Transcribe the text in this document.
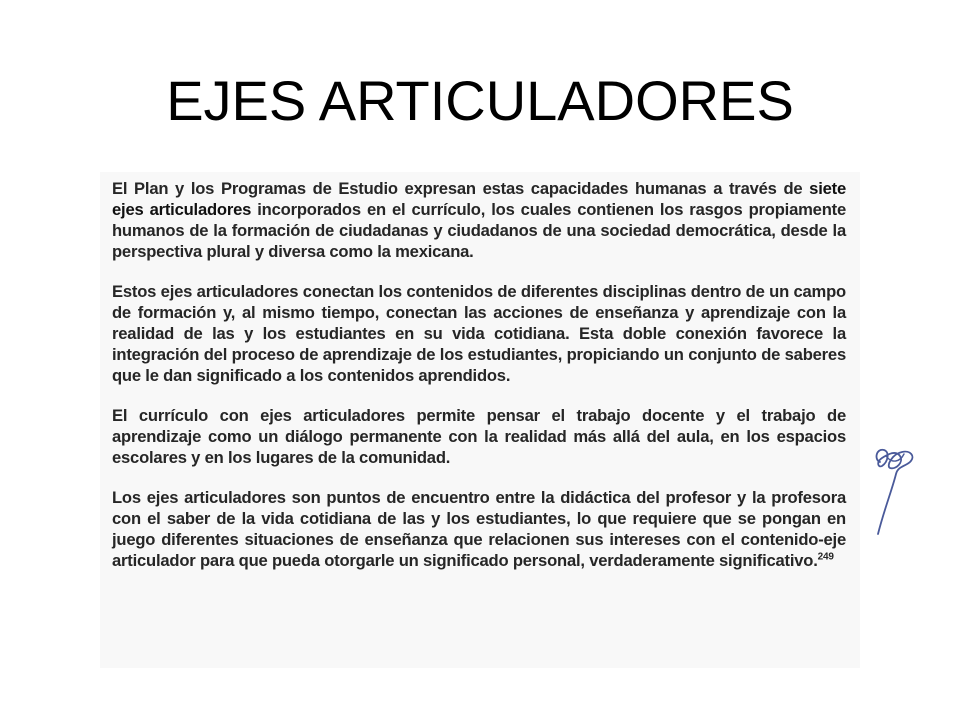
EJES ARTICULADORES

El Plan y los Programas de Estudio expresan estas capacidades humanas a través de siete ejes articuladores incorporados en el currículo, los cuales contienen los rasgos propiamente humanos de la formación de ciudadanas y ciudadanos de una sociedad democrática, desde la perspectiva plural y diversa como la mexicana.

Estos ejes articuladores conectan los contenidos de diferentes disciplinas dentro de un campo de formación y, al mismo tiempo, conectan las acciones de enseñanza y aprendizaje con la realidad de las y los estudiantes en su vida cotidiana. Esta doble conexión favorece la integración del proceso de aprendizaje de los estudiantes, propiciando un conjunto de saberes que le dan significado a los contenidos aprendidos.

El currículo con ejes articuladores permite pensar el trabajo docente y el trabajo de aprendizaje como un diálogo permanente con la realidad más allá del aula, en los espacios escolares y en los lugares de la comunidad.

Los ejes articuladores son puntos de encuentro entre la didáctica del profesor y la profesora con el saber de la vida cotidiana de las y los estudiantes, lo que requiere que se pongan en juego diferentes situaciones de enseñanza que relacionen sus intereses con el contenido-eje articulador para que pueda otorgarle un significado personal, verdaderamente significativo.$^{249}$
